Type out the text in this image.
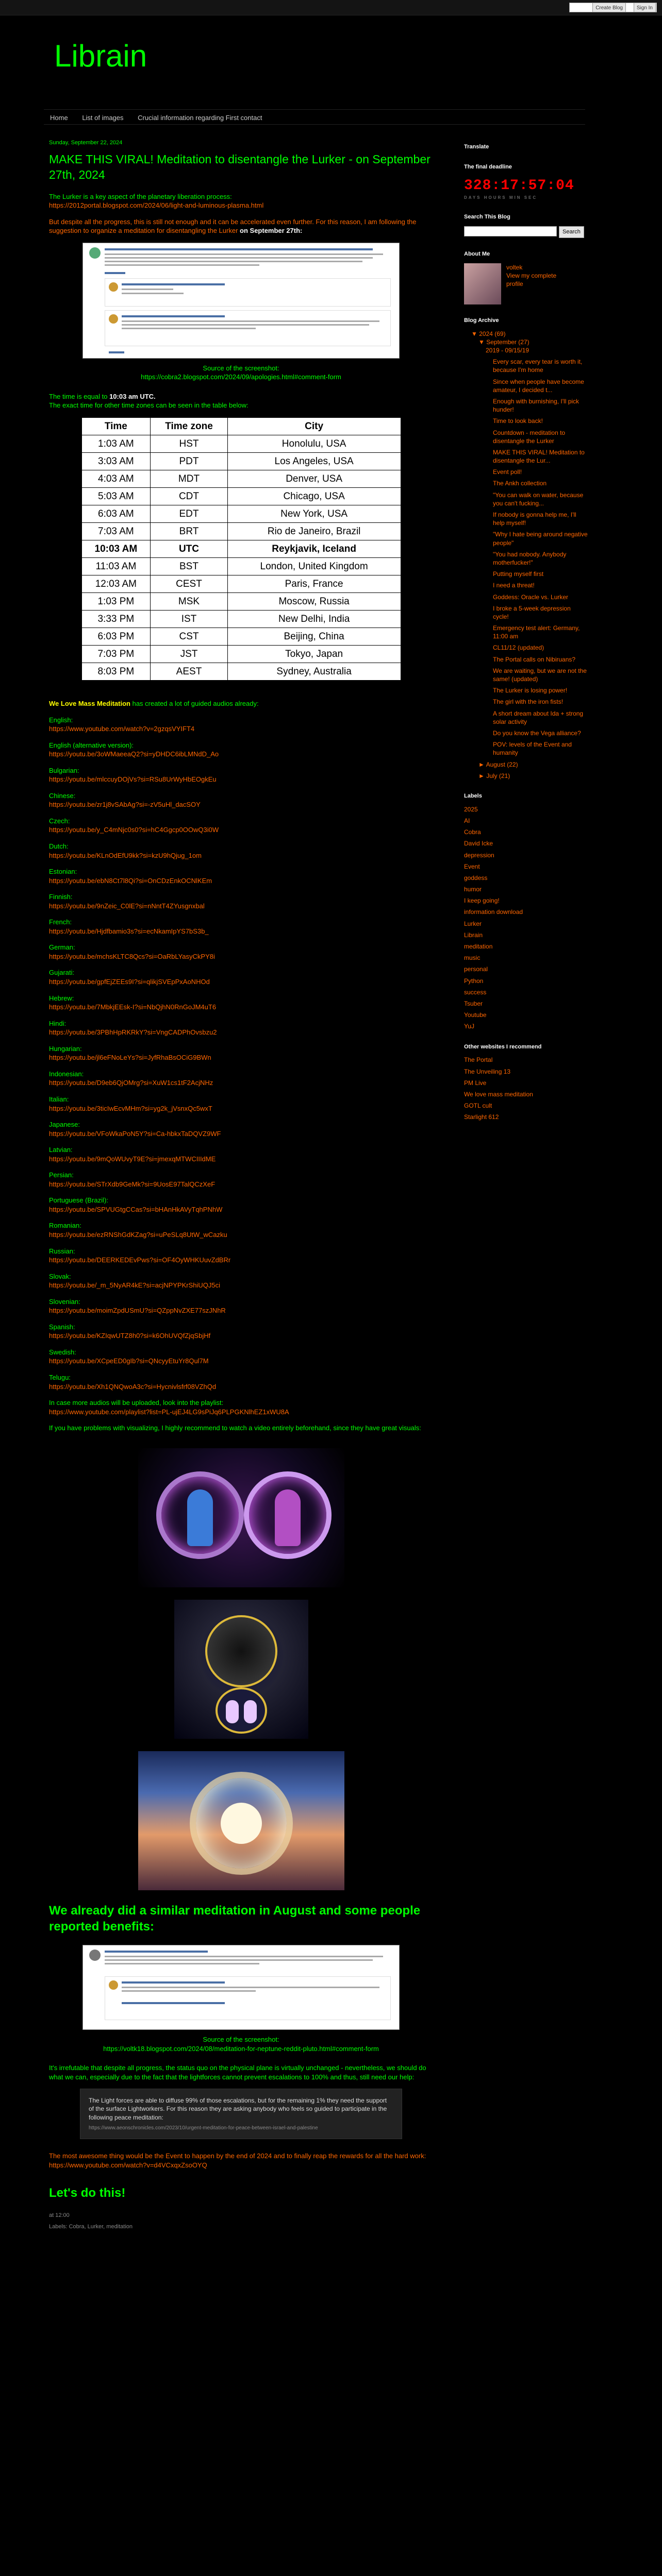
Create Blog	Sign In
Librain
Home List of images Crucial information regarding First contact
Sunday, September 22, 2024
MAKE THIS VIRAL! Meditation to disentangle the Lurker - on September 27th, 2024

The Lurker is a key aspect of the planetary liberation process:
https://2012portal.blogspot.com/2024/06/light-and-luminous-plasma.html

But despite all the progress, this is still not enough and it can be accelerated even further. For this reason, I am following the suggestion to organize a meditation for disentangling the Lurker on September 27th:

Source of the screenshot:
https://cobra2.blogspot.com/2024/09/apologies.html#comment-form

The time is equal to 10:03 am UTC.
The exact time for other time zones can be seen in the table below:

Time	Time zone	City
1:03 AM	HST	Honolulu, USA
3:03 AM	PDT	Los Angeles, USA
4:03 AM	MDT	Denver, USA
5:03 AM	CDT	Chicago, USA
6:03 AM	EDT	New York, USA
7:03 AM	BRT	Rio de Janeiro, Brazil
10:03 AM	UTC	Reykjavik, Iceland
11:03 AM	BST	London, United Kingdom
12:03 AM	CEST	Paris, France
1:03 PM	MSK	Moscow, Russia
3:33 PM	IST	New Delhi, India
6:03 PM	CST	Beijing, China
7:03 PM	JST	Tokyo, Japan
8:03 PM	AEST	Sydney, Australia

We Love Mass Meditation has created a lot of guided audios already:

English:
https://www.youtube.com/watch?v=2gzqsVYIFT4
English (alternative version):
https://youtu.be/3oWMaeeaQ2?si=yDHDC6ibLMNdD_Ao
Bulgarian:
https://youtu.be/mlccuyDOjVs?si=RSu8UrWyHbEOgkEu
Chinese:
https://youtu.be/zr1j8vSAbAg?si=-zV5uHl_dacSOY
Czech:
https://youtu.be/y_C4mNjc0s0?si=hC4Ggcp0OOwQ3i0W
Dutch:
https://youtu.be/KLnOdEfU9kk?si=kzU9hQjug_1om
Estonian:
https://youtu.be/ebN8Ct7l8Qi?si=OnCDzEnkOCNlKEm
Finnish:
https://youtu.be/9nZeic_C0lE?si=nNntT4ZYusgnxbal
French:
https://youtu.be/Hjdfbamio3s?si=ecNkamIpYS7bS3b_
German:
https://youtu.be/mchsKLTC8Qcs?si=OaRbLYasyCkPY8i
Gujarati:
https://youtu.be/gpfEjZEEs9I?si=qlikjSVEpPxAoNHOd
Hebrew:
https://youtu.be/7MbkjEEsk-I?si=NbQjhN0RnGoJM4uT6
Hindi:
https://youtu.be/3PBhHpRKRkY?si=VngCADPhOvsbzu2
Hungarian:
https://youtu.be/jl6eFNoLeYs?si=JyfRhaBsOCiG9BWn
Indonesian:
https://youtu.be/D9eb6QjOMrg?si=XuW1cs1tF2AcjNHz
Italian:
https://youtu.be/3ticIwEcvMHm?si=yg2k_jVsnxQc5wxT
Japanese:
https://youtu.be/VFoWkaPoN5Y?si=Ca-hbkxTaDQVZ9WF
Latvian:
https://youtu.be/9mQoWUvyT9E?si=jmexqMTWCIIIdME
Persian:
https://youtu.be/STrXdb9GeMk?si=9UosE97TalQCzXeF
Portuguese (Brazil):
https://youtu.be/SPVUGtgCCas?si=bHAnHkAVyTqhPNhW
Romanian:
https://youtu.be/ezRNShGdKZag?si=uPeSLq8UtW_wCazku
Russian:
https://youtu.be/DEERKEDEvPws?si=OF4OyWHKUuvZdBRr
Slovak:
https://youtu.be/_m_5NyAR4kE?si=acjNPYPKrShiUQJ5ci
Slovenian:
https://youtu.be/moimZpdUSmU?si=QZppNvZXE77szJNhR
Spanish:
https://youtu.be/KZIqwUTZ8h0?si=k6OhUVQfZjqSbjHf
Swedish:
https://youtu.be/XCpeED0gIb?si=QNcyyEtuYr8Qul7M
Telugu:
https://youtu.be/Xh1QNQwoA3c?si=Hycnivlsfrf08VZhQd

In case more audios will be uploaded, look into the playlist:
https://www.youtube.com/playlist?list=PL-ujEJ4LG9sPiJq6PLPGKNlhEZ1xWU8A

If you have problems with visualizing, I highly recommend to watch a video entirely beforehand, since they have great visuals:

We already did a similar meditation in August and some people reported benefits:
Source of the screenshot:
https://voltk18.blogspot.com/2024/08/meditation-for-neptune-reddit-pluto.html#comment-form

It's irrefutable that despite all progress, the status quo on the physical plane is virtually unchanged - nevertheless, we should do what we can, especially due to the fact that the lightforces cannot prevent escalations to 100% and thus, still need our help:

The Light forces are able to diffuse 99% of those escalations, but for the remaining 1% they need the support of the surface Lightworkers. For this reason they are asking anybody who feels so guided to participate in the following peace meditation:
https://www.aeonschronicles.com/2023/10/urgent-meditation-for-peace-between-israel-and-palestine

The most awesome thing would be the Event to happen by the end of 2024 and to finally reap the rewards for all the hard work:
https://www.youtube.com/watch?v=d4VCxqxZsoOYQ

Let's do this!
at 12:00
Labels: Cobra, Lurker, meditation
Translate
The final deadline
328:17:57:04
DAYS HOURS MIN SEC
Search This Blog
Search
About Me
voltek
View my complete profile
Blog Archive
▼ 2024 (69)
▼ September (27)
2019 - 09/15/19
Every scar, every tear is worth it, because I'm home
Since when people have become amateur, I decided t...
Enough with burnishing, I'll pick hunder!
Time to look back!
Countdown - meditation to disentangle the Lurker
MAKE THIS VIRAL! Meditation to disentangle the Lur...
Event poll!
The Ankh collection
"You can walk on water, because you can't fucking...
If nobody is gonna help me, I'll help myself!
"Why I hate being around negative people"
"You had nobody. Anybody motherfucker!"
Putting myself first
I need a threat!
Goddess: Oracle vs. Lurker
I broke a 5-week depression cycle!
Emergency test alert: Germany, 11:00 am
CL11/12 (updated)
The Portal calls on Nibiruans?
We are waiting, but we are not the same! (updated)
The Lurker is losing power!
The girl with the iron fists!
A short dream about Ida + strong solar activity
Do you know the Vega alliance?
POV: levels of the Event and humanity
► August (22)
► July (21)
Labels
2025
AI
Cobra
David Icke
depression
Event
goddess
humor
I keep going!
information download
Lurker
Librain
meditation
music
personal
Python
success
Tsuber
Youtube
YuJ
Other websites I recommend
The Portal
The Unveiling 13
PM Live
We love mass meditation
GOTL cult
Starlight 612
